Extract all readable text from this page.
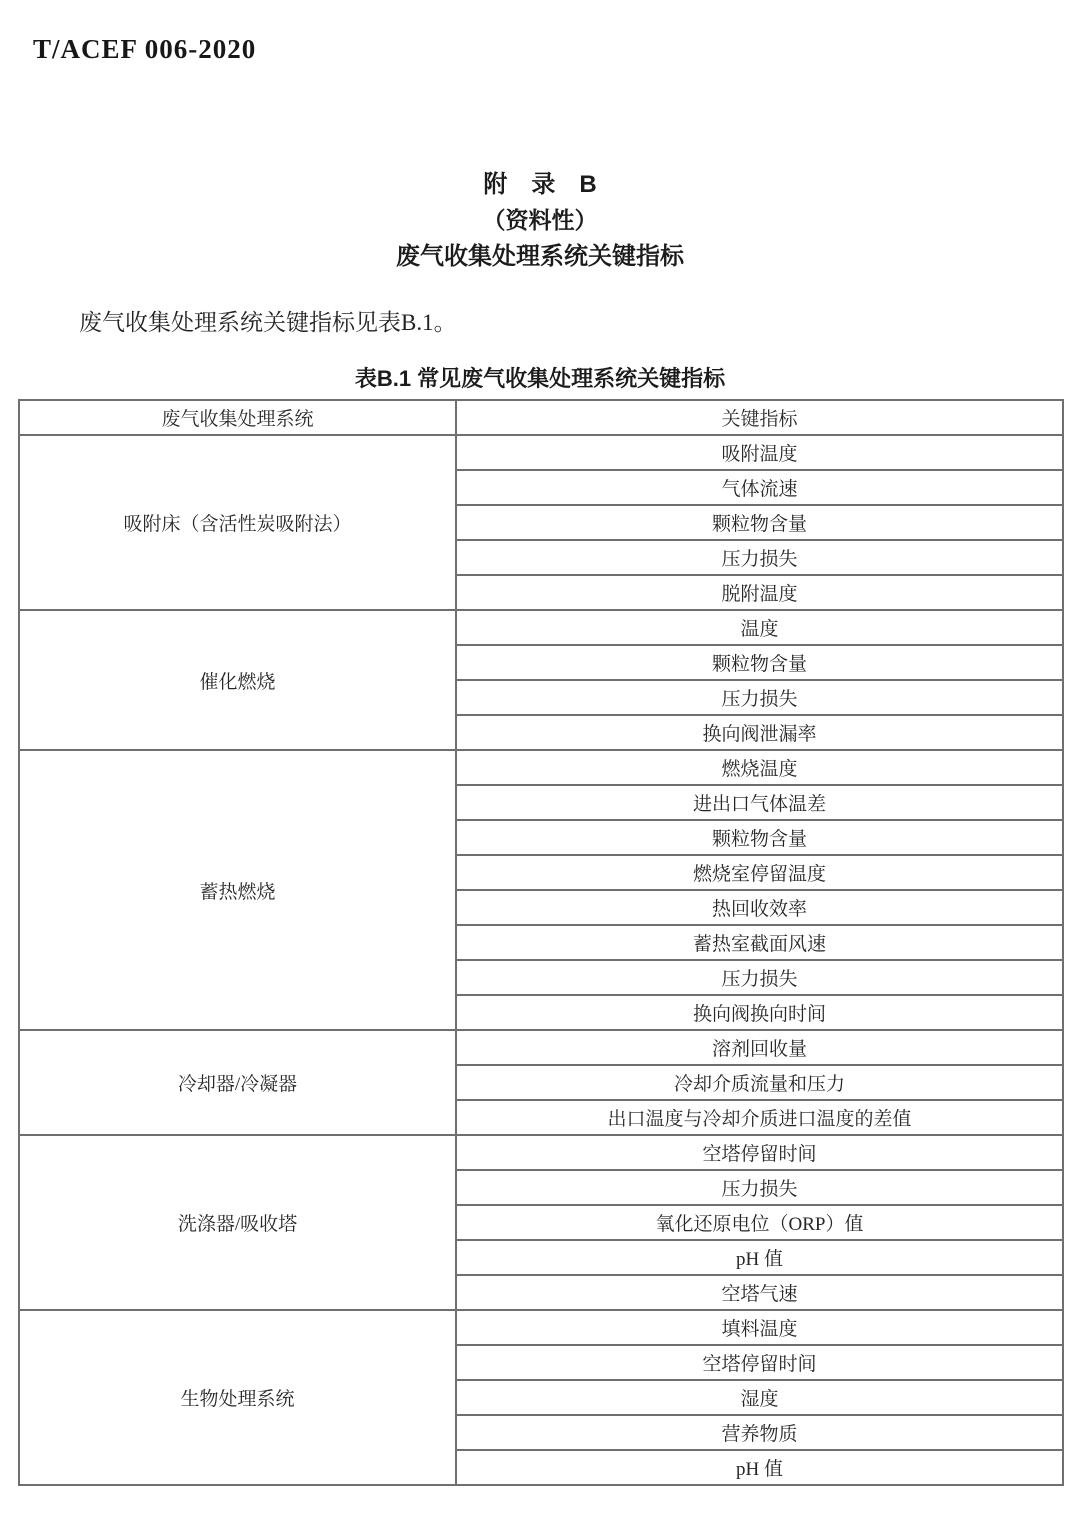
T/ACEF 006-2020
附　录　B
（资料性）
废气收集处理系统关键指标

废气收集处理系统关键指标见表B.1。

表B.1 常见废气收集处理系统关键指标
废气收集处理系统	关键指标
吸附床（含活性炭吸附法）	吸附温度
	气体流速
	颗粒物含量
	压力损失
	脱附温度
催化燃烧	温度
	颗粒物含量
	压力损失
	换向阀泄漏率
蓄热燃烧	燃烧温度
	进出口气体温差
	颗粒物含量
	燃烧室停留温度
	热回收效率
	蓄热室截面风速
	压力损失
	换向阀换向时间
冷却器/冷凝器	溶剂回收量
	冷却介质流量和压力
	出口温度与冷却介质进口温度的差值
洗涤器/吸收塔	空塔停留时间
	压力损失
	氧化还原电位（ORP）值
	pH 值
	空塔气速
生物处理系统	填料温度
	空塔停留时间
	湿度
	营养物质
	pH 值
